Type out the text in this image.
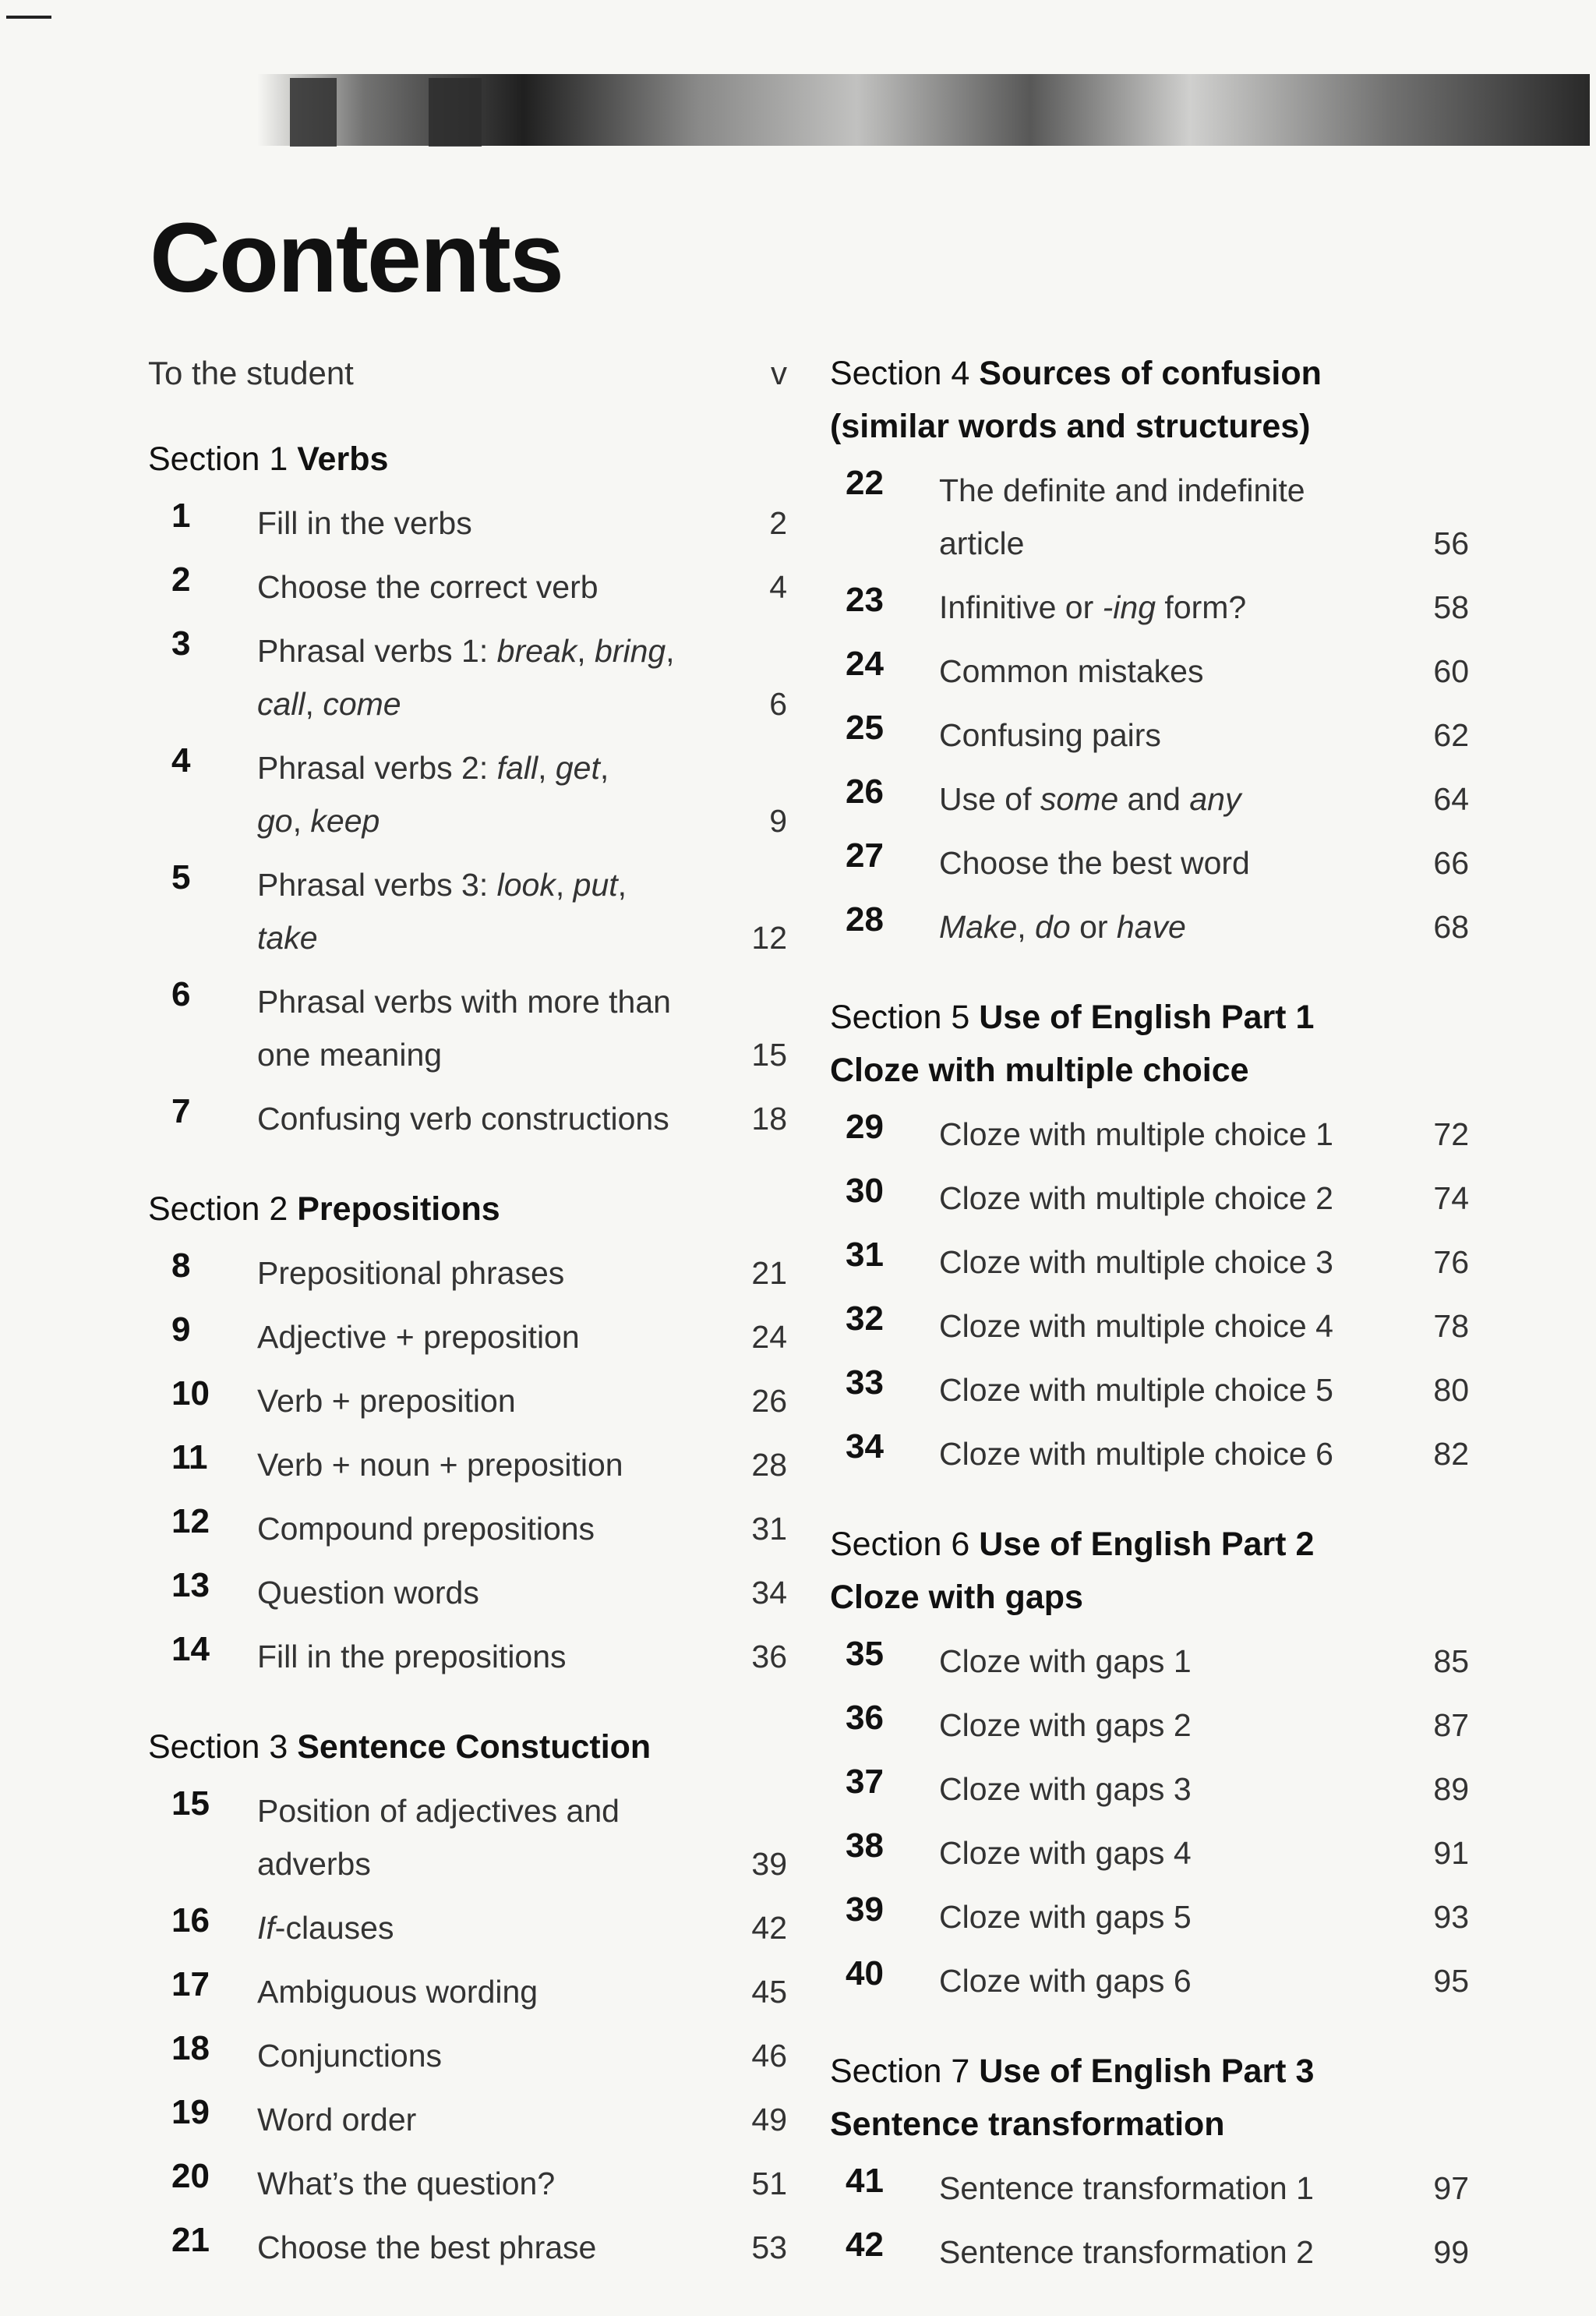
Contents
To the student	v
Section 1 Verbs
1	Fill in the verbs	2
2	Choose the correct verb	4
3	Phrasal verbs 1: break, bring,
call, come	6
4	Phrasal verbs 2: fall, get,
go, keep	9
5	Phrasal verbs 3: look, put,
take	12
6	Phrasal verbs with more than
one meaning	15
7	Confusing verb constructions	18
Section 2 Prepositions
8	Prepositional phrases	21
9	Adjective + preposition	24
10	Verb + preposition	26
11	Verb + noun + preposition	28
12	Compound prepositions	31
13	Question words	34
14	Fill in the prepositions	36
Section 3 Sentence Constuction
15	Position of adjectives and
adverbs	39
16	If-clauses	42
17	Ambiguous wording	45
18	Conjunctions	46
19	Word order	49
20	What’s the question?	51
21	Choose the best phrase	53
Section 4 Sources of confusion
(similar words and structures)
22	The definite and indefinite
article	56
23	Infinitive or -ing form?	58
24	Common mistakes	60
25	Confusing pairs	62
26	Use of some and any	64
27	Choose the best word	66
28	Make, do or have	68
Section 5 Use of English Part 1
Cloze with multiple choice
29	Cloze with multiple choice 1	72
30	Cloze with multiple choice 2	74
31	Cloze with multiple choice 3	76
32	Cloze with multiple choice 4	78
33	Cloze with multiple choice 5	80
34	Cloze with multiple choice 6	82
Section 6 Use of English Part 2
Cloze with gaps
35	Cloze with gaps 1	85
36	Cloze with gaps 2	87
37	Cloze with gaps 3	89
38	Cloze with gaps 4	91
39	Cloze with gaps 5	93
40	Cloze with gaps 6	95
Section 7 Use of English Part 3
Sentence transformation
41	Sentence transformation 1	97
42	Sentence transformation 2	99
